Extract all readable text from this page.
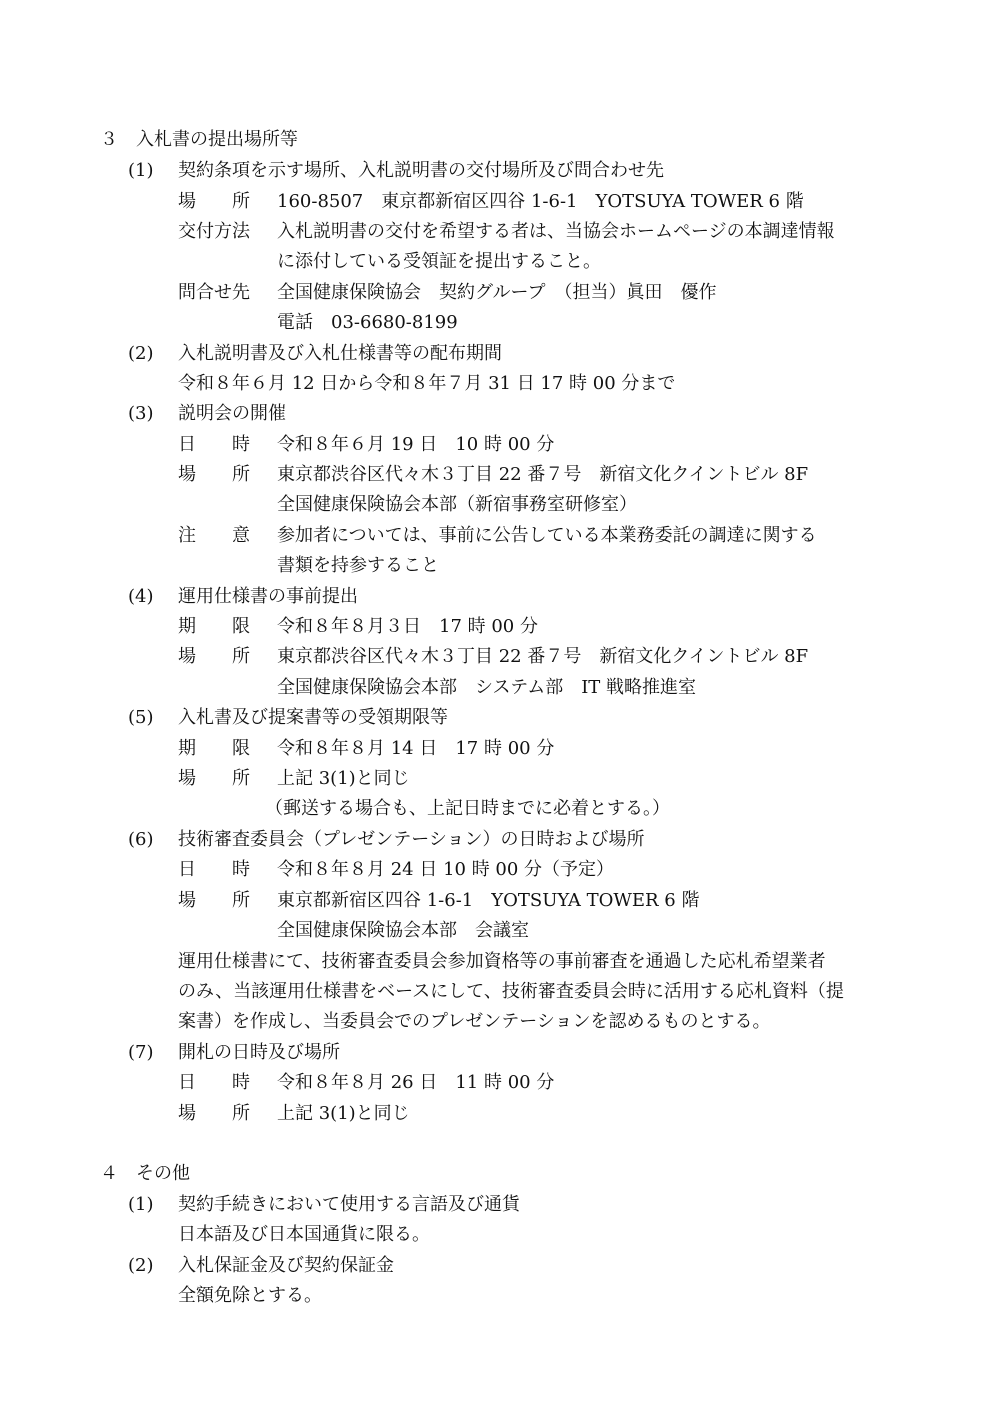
３ 入札書の提出場所等
(1) 契約条項を示す場所、入札説明書の交付場所及び問合わせ先
場　　所 160-8507　東京都新宿区四谷 1-6-1　YOTSUYA TOWER 6 階
交付方法 入札説明書の交付を希望する者は、当協会ホームページの本調達情報
に添付している受領証を提出すること。
問合せ先 全国健康保険協会　契約グループ　（担当）眞田　優作
電話　03-6680-8199
(2) 入札説明書及び入札仕様書等の配布期間
令和８年６月 12 日から令和８年７月 31 日 17 時 00 分まで
(3) 説明会の開催
日　　時 令和８年６月 19 日　10 時 00 分
場　　所 東京都渋谷区代々木３丁目 22 番７号　新宿文化クイントビル 8F
全国健康保険協会本部（新宿事務室研修室）
注　　意 参加者については、事前に公告している本業務委託の調達に関する
書類を持参すること
(4) 運用仕様書の事前提出
期　　限 令和８年８月３日　17 時 00 分
場　　所 東京都渋谷区代々木３丁目 22 番７号　新宿文化クイントビル 8F
全国健康保険協会本部　システム部　IT 戦略推進室
(5) 入札書及び提案書等の受領期限等
期　　限 令和８年８月 14 日　17 時 00 分
場　　所 上記 3(1)と同じ
（郵送する場合も、上記日時までに必着とする。）
(6) 技術審査委員会（プレゼンテーション）の日時および場所
日　　時 令和８年８月 24 日 10 時 00 分（予定）
場　　所 東京都新宿区四谷 1-6-1　YOTSUYA TOWER 6 階
全国健康保険協会本部　会議室
運用仕様書にて、技術審査委員会参加資格等の事前審査を通過した応札希望業者
のみ、当該運用仕様書をベースにして、技術審査委員会時に活用する応札資料（提
案書）を作成し、当委員会でのプレゼンテーションを認めるものとする。
(7) 開札の日時及び場所
日　　時 令和８年８月 26 日　11 時 00 分
場　　所 上記 3(1)と同じ
４ その他
(1) 契約手続きにおいて使用する言語及び通貨
日本語及び日本国通貨に限る。
(2) 入札保証金及び契約保証金
全額免除とする。
